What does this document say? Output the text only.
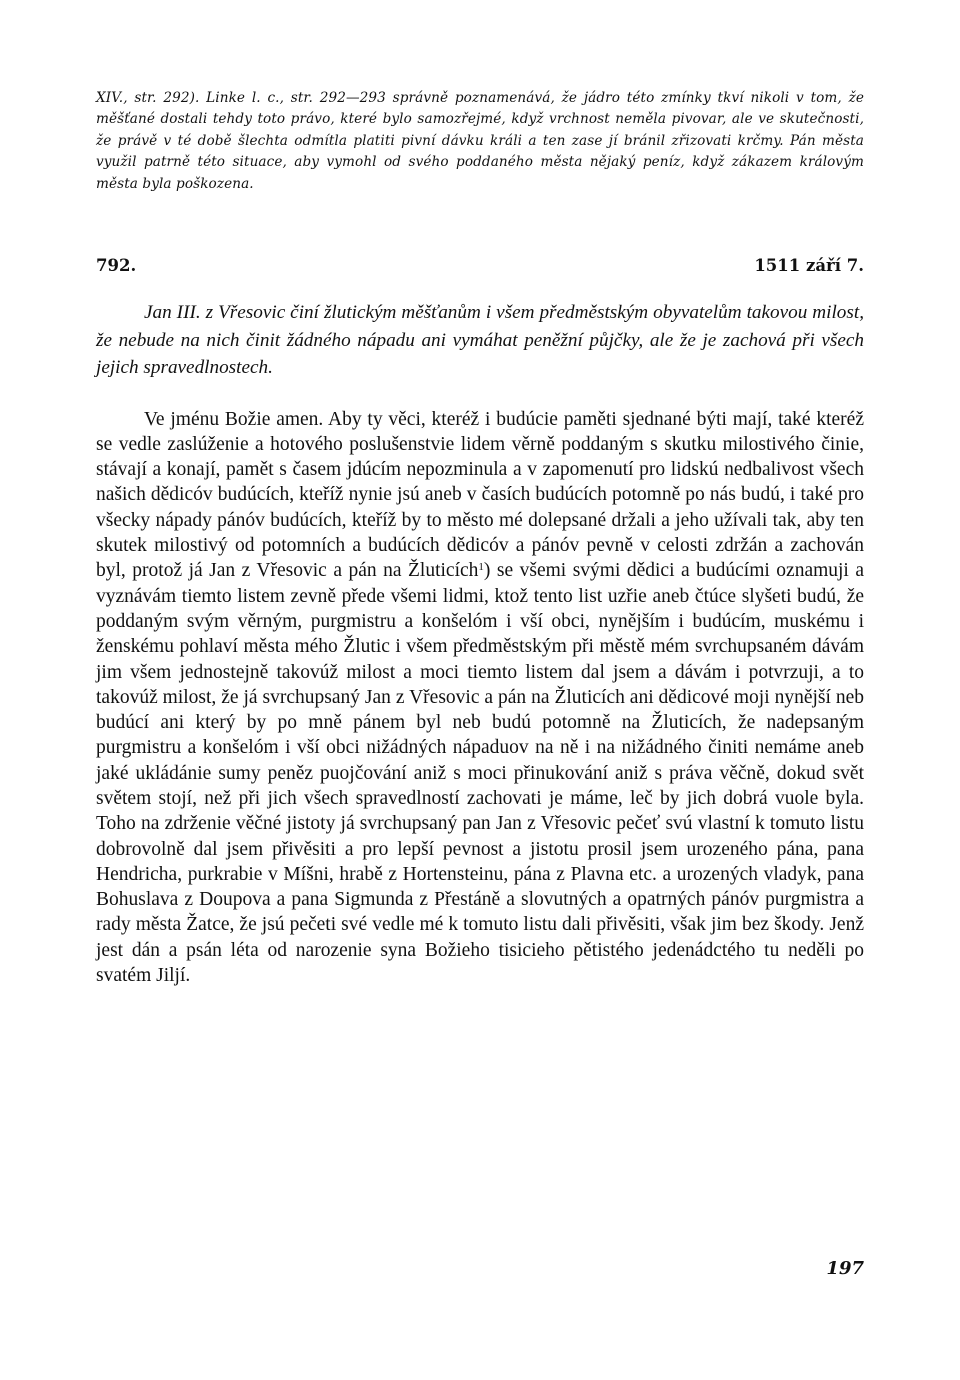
XIV., str. 292). Linke l. c., str. 292—293 správně poznamenává, že jádro této zmínky tkví nikoli v tom, že měšťané dostali tehdy toto právo, které bylo samozřejmé, když vrchnost neměla pivovar, ale ve skutečnosti, že právě v té době šlechta odmítla platiti pivní dávku králi a ten zase jí bránil zřizovati krčmy. Pán města využil patrně této situace, aby vymohl od svého poddaného města nějaký peníz, když zákazem královým města byla poškozena.

792.	1511 září 7.

Jan III. z Vřesovic činí žlutickým měšťanům i všem předměstským obyvatelům takovou milost, že nebude na nich činit žádného nápadu ani vymáhat peněžní půjčky, ale že je zachová při všech jejich spravedlnostech.

Ve jménu Božie amen. Aby ty věci, kteréž i budúcie paměti sjednané býti mají, také kteréž se vedle zaslúženie a hotového poslušenstvie lidem věrně poddaným s skutku milostivého činie, stávají a konají, pamět s časem jdúcím nepozminula a v zapomenutí pro lidskú nedbalivost všech našich dědicóv budúcích, kteříž nynie jsú aneb v časích budúcích potomně po nás budú, i také pro všecky nápady pánóv budúcích, kteříž by to město mé dolepsané držali a jeho užívali tak, aby ten skutek milostivý od potomních a budúcích dědicóv a pánóv pevně v celosti zdržán a zachován byl, protož já Jan z Vřesovic a pán na Žluticích$^1$) se všemi svými dědici a budúcími oznamuji a vyznávám tiemto listem zevně přede všemi lidmi, ktož tento list uzřie aneb čtúce slyšeti budú, že poddaným svým věrným, purgmistru a konšelóm i vší obci, nynějším i budúcím, muskému i ženskému pohlaví města mého Žlutic i všem předměstským při městě mém svrchupsaném dávám jim všem jednostejně takovúž milost a moci tiemto listem dal jsem a dávám i potvrzuji, a to takovúž milost, že já svrchupsaný Jan z Vřesovic a pán na Žluticích ani dědicové moji nynější neb budúcí ani který by po mně pánem byl neb budú potomně na Žluticích, že nadepsaným purgmistru a konšelóm i vší obci nižádných nápaduov na ně i na nižádného činiti nemáme aneb jaké ukládánie sumy peněz puojčování aniž s moci přinukování aniž s práva věčně, dokud svět světem stojí, než při jich všech spravedlností zachovati je máme, leč by jich dobrá vuole byla. Toho na zdrženie věčné jistoty já svrchupsaný pan Jan z Vřesovic pečeť svú vlastní k tomuto listu dobrovolně dal jsem přivěsiti a pro lepší pevnost a jistotu prosil jsem urozeného pána, pana Hendricha, purkrabie v Míšni, hrabě z Hortensteinu, pána z Plavna etc. a urozených vladyk, pana Bohuslava z Doupova a pana Sigmunda z Přestáně a slovutných a opatrných pánóv purgmistra a rady města Žatce, že jsú pečeti své vedle mé k tomuto listu dali přivěsiti, však jim bez škody. Jenž jest dán a psán léta od narozenie syna Božieho tisicieho pětistého jedenádctého tu neděli po svatém Jiljí.

197
